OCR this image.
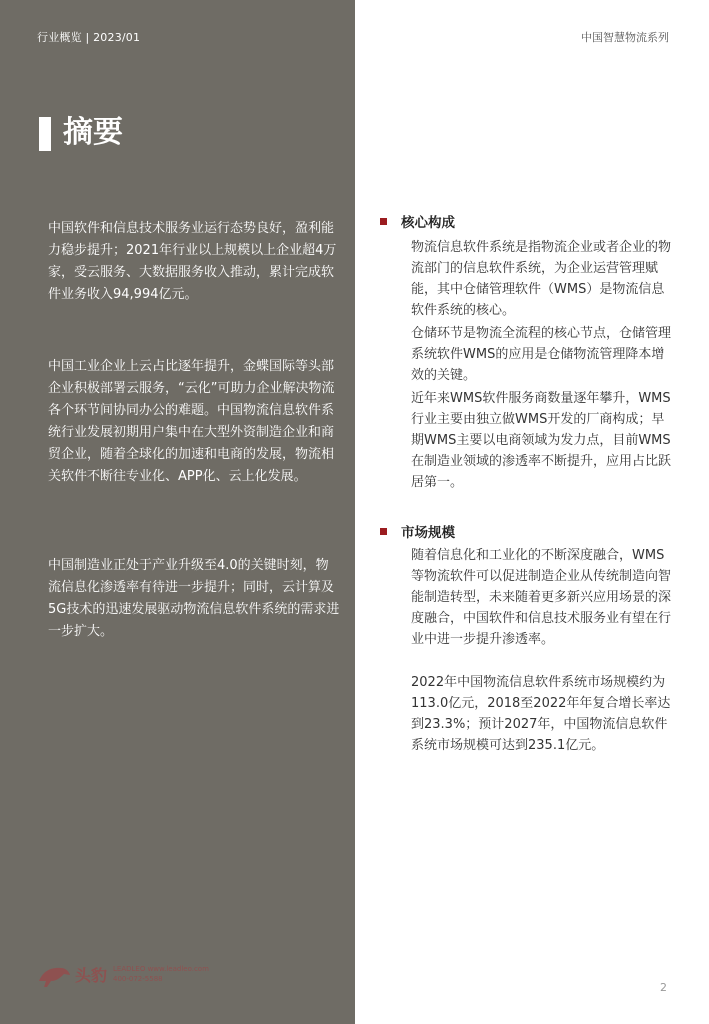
行业概览 | 2023/01	中国智慧物流系列
摘要

中国软件和信息技术服务业运行态势良好，盈利能力稳步提升；2021年行业以上规模以上企业超4万家，受云服务、大数据服务收入推动，累计完成软件业务收入94,994亿元。

中国工业企业上云占比逐年提升，金蝶国际等头部企业积极部署云服务，“云化”可助力企业解决物流各个环节间协同办公的难题。中国物流信息软件系统行业发展初期用户集中在大型外资制造企业和商贸企业，随着全球化的加速和电商的发展，物流相关软件不断往专业化、APP化、云上化发展。

中国制造业正处于产业升级至4.0的关键时刻，物流信息化渗透率有待进一步提升；同时，云计算及5G技术的迅速发展驱动物流信息软件系统的需求进一步扩大。

核心构成

物流信息软件系统是指物流企业或者企业的物流部门的信息软件系统，为企业运营管理赋能，其中仓储管理软件（WMS）是物流信息软件系统的核心。

仓储环节是物流全流程的核心节点，仓储管理系统软件WMS的应用是仓储物流管理降本增效的关键。

近年来WMS软件服务商数量逐年攀升，WMS行业主要由独立做WMS开发的厂商构成；早期WMS主要以电商领域为发力点，目前WMS在制造业领域的渗透率不断提升，应用占比跃居第一。

市场规模

随着信息化和工业化的不断深度融合，WMS等物流软件可以促进制造企业从传统制造向智能制造转型，未来随着更多新兴应用场景的深度融合，中国软件和信息技术服务业有望在行业中进一步提升渗透率。

2022年中国物流信息软件系统市场规模约为113.0亿元，2018至2022年年复合增长率达到23.3%；预计2027年，中国物流信息软件系统市场规模可达到235.1亿元。

头豹 LEADLEO www.leadleo.com
400-072-5588
2
